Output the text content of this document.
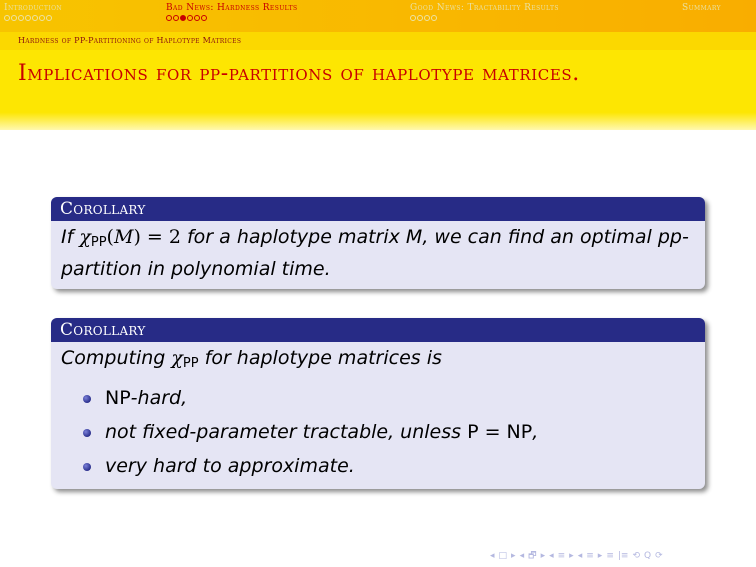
Introduction	Bad News: Hardness Results	Good News: Tractability Results	Summary
Hardness of PP-Partitioning of Haplotype Matrices
Implications for pp-partitions of haplotype matrices.
Corollary
If $\chi_{PP}(M) = 2$ for a haplotype matrix M, we can find an optimal pp-partition in polynomial time.
Corollary
Computing $\chi_{PP}$ for haplotype matrices is
NP-hard,
not fixed-parameter tractable, unless P = NP,
very hard to approximate.
◂ □ ▸ ◂ 🗗 ▸ ◂ ≡ ▸ ◂ ≡ ▸ ≡ |≡ ⟲ Q ⟳
